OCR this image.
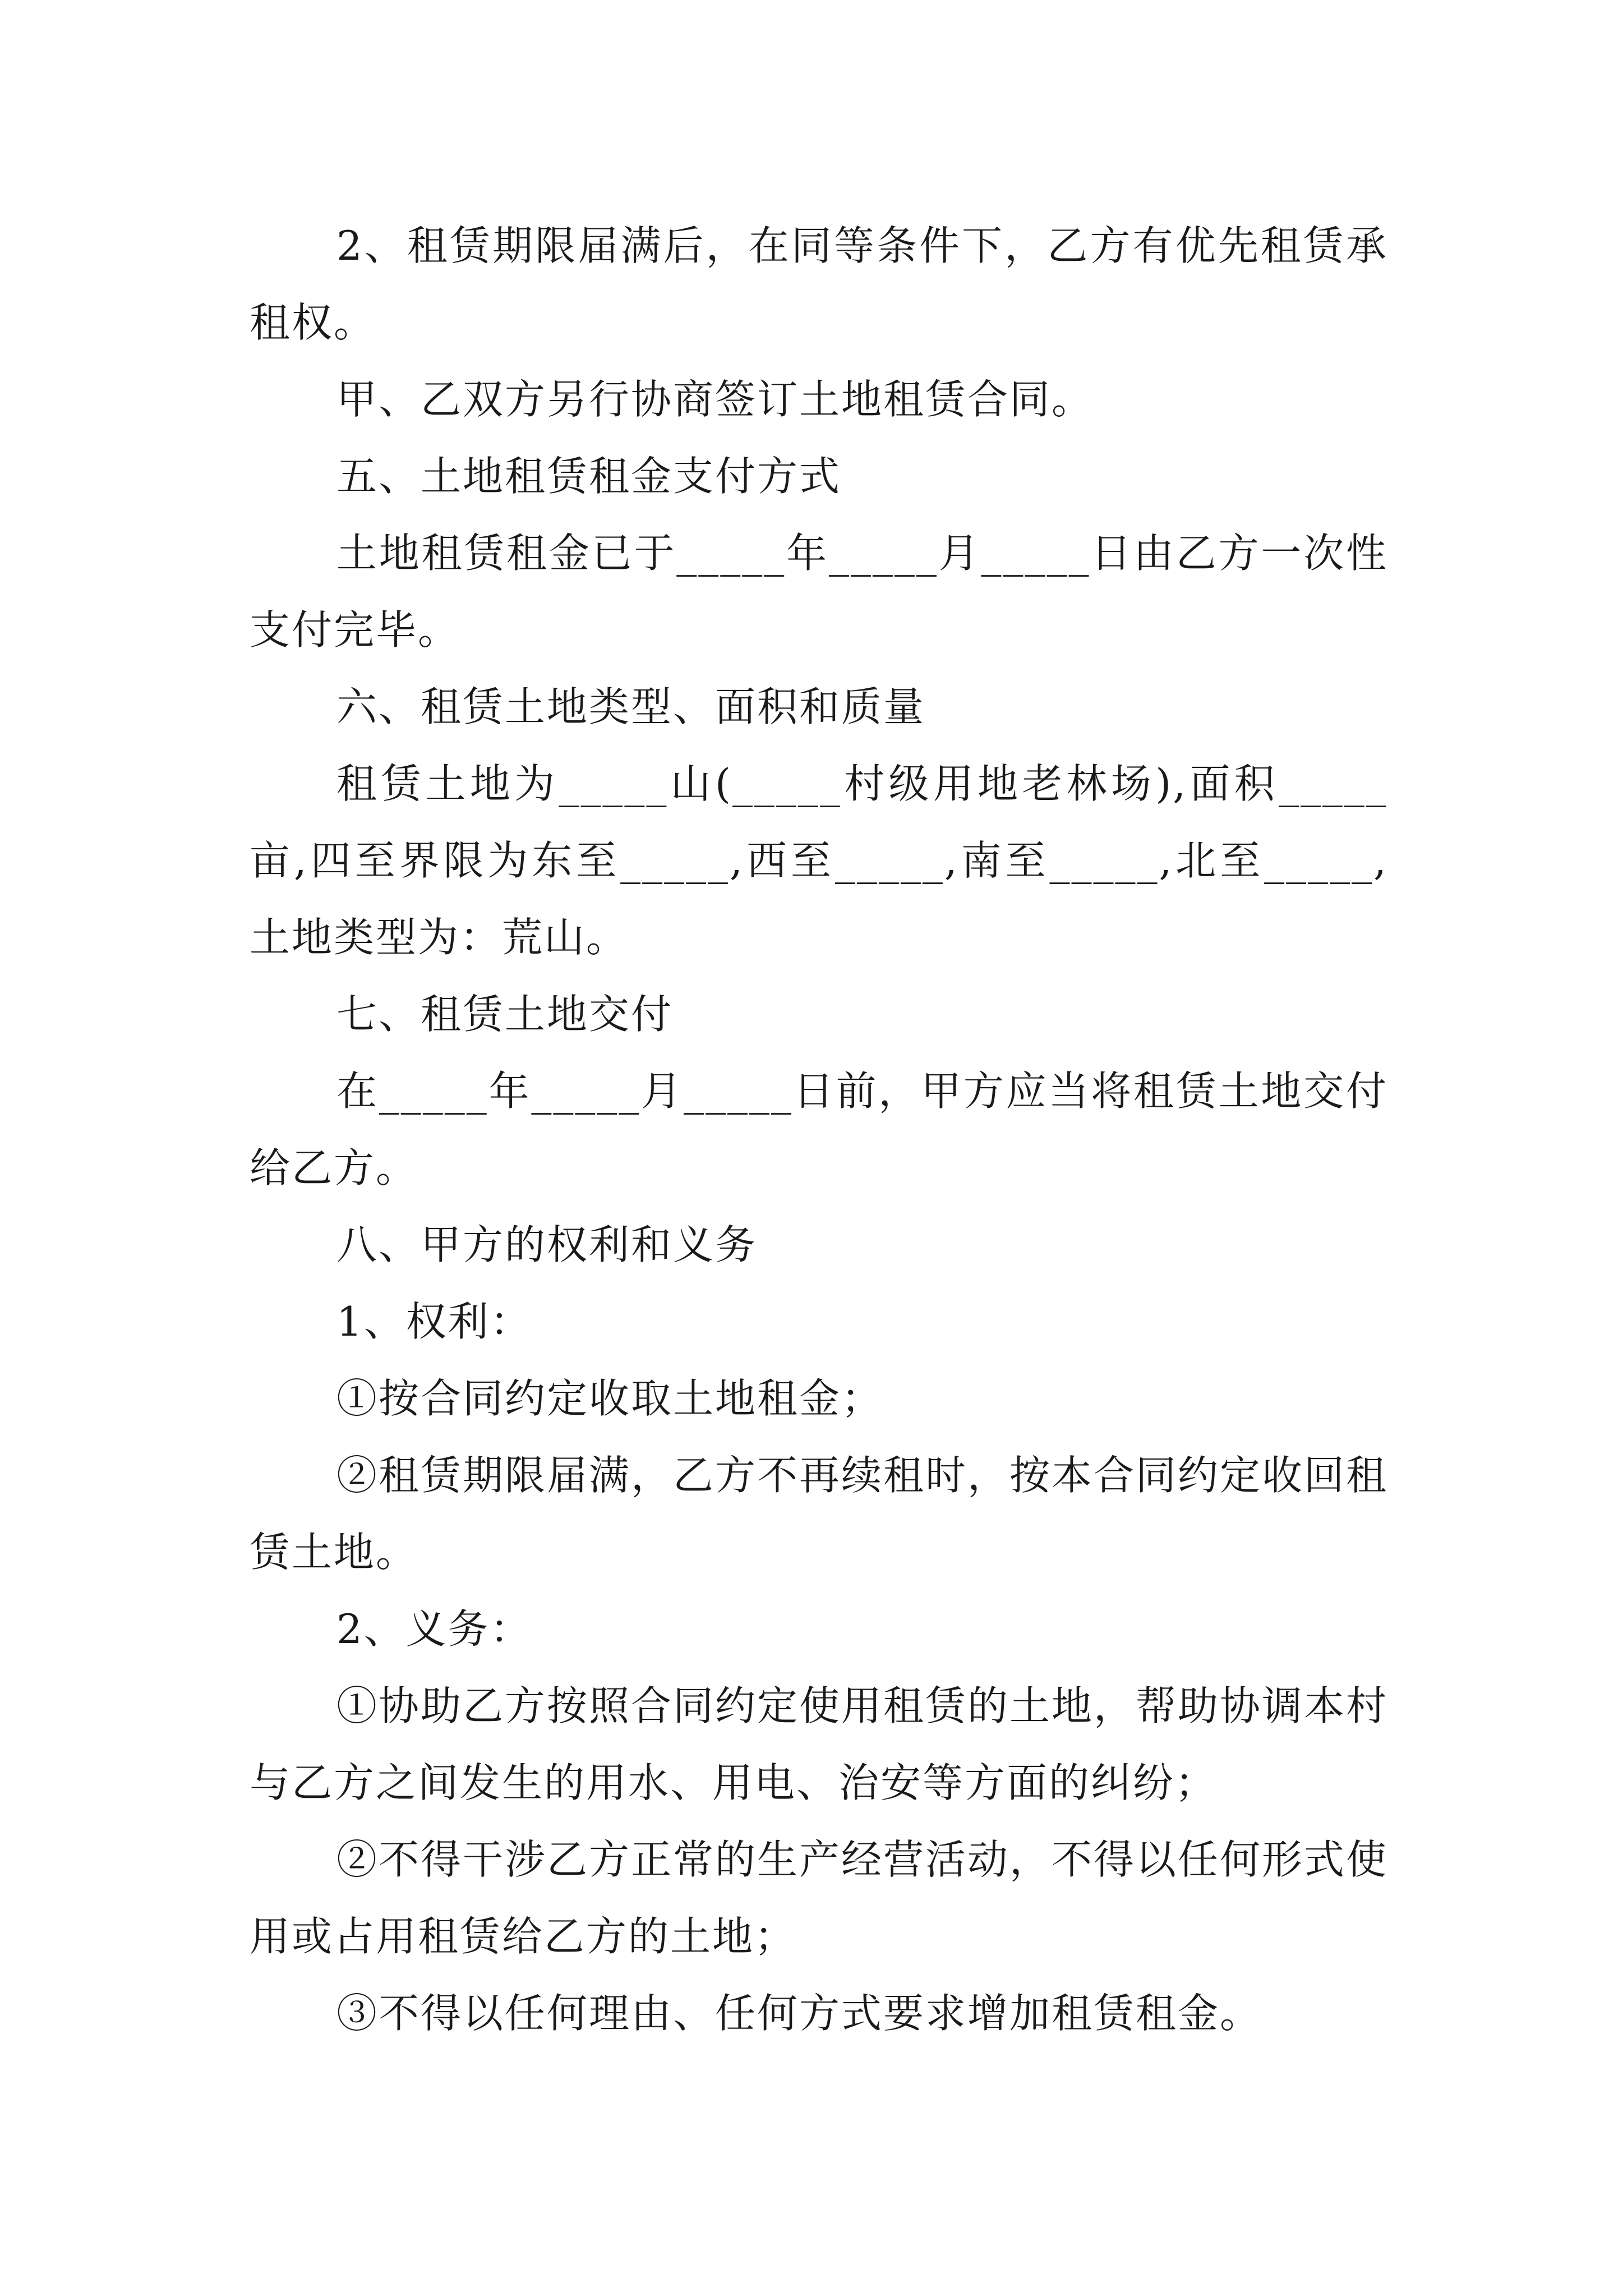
2、租赁期限届满后，在同等条件下，乙方有优先租赁承租权。

甲、乙双方另行协商签订土地租赁合同。

五、土地租赁租金支付方式

土地租赁租金已于_____年_____月_____日由乙方一次性支付完毕。

六、租赁土地类型、面积和质量

租赁土地为_____山(_____村级用地老林场),面积_____亩,四至界限为东至_____,西至_____,南至_____,北至_____,土地类型为：荒山。

七、租赁土地交付

在_____年_____月_____日前，甲方应当将租赁土地交付给乙方。

八、甲方的权利和义务

1、权利：

①按合同约定收取土地租金；

②租赁期限届满，乙方不再续租时，按本合同约定收回租赁土地。

2、义务：

①协助乙方按照合同约定使用租赁的土地，帮助协调本村与乙方之间发生的用水、用电、治安等方面的纠纷；

②不得干涉乙方正常的生产经营活动，不得以任何形式使用或占用租赁给乙方的土地；

③不得以任何理由、任何方式要求增加租赁租金。
